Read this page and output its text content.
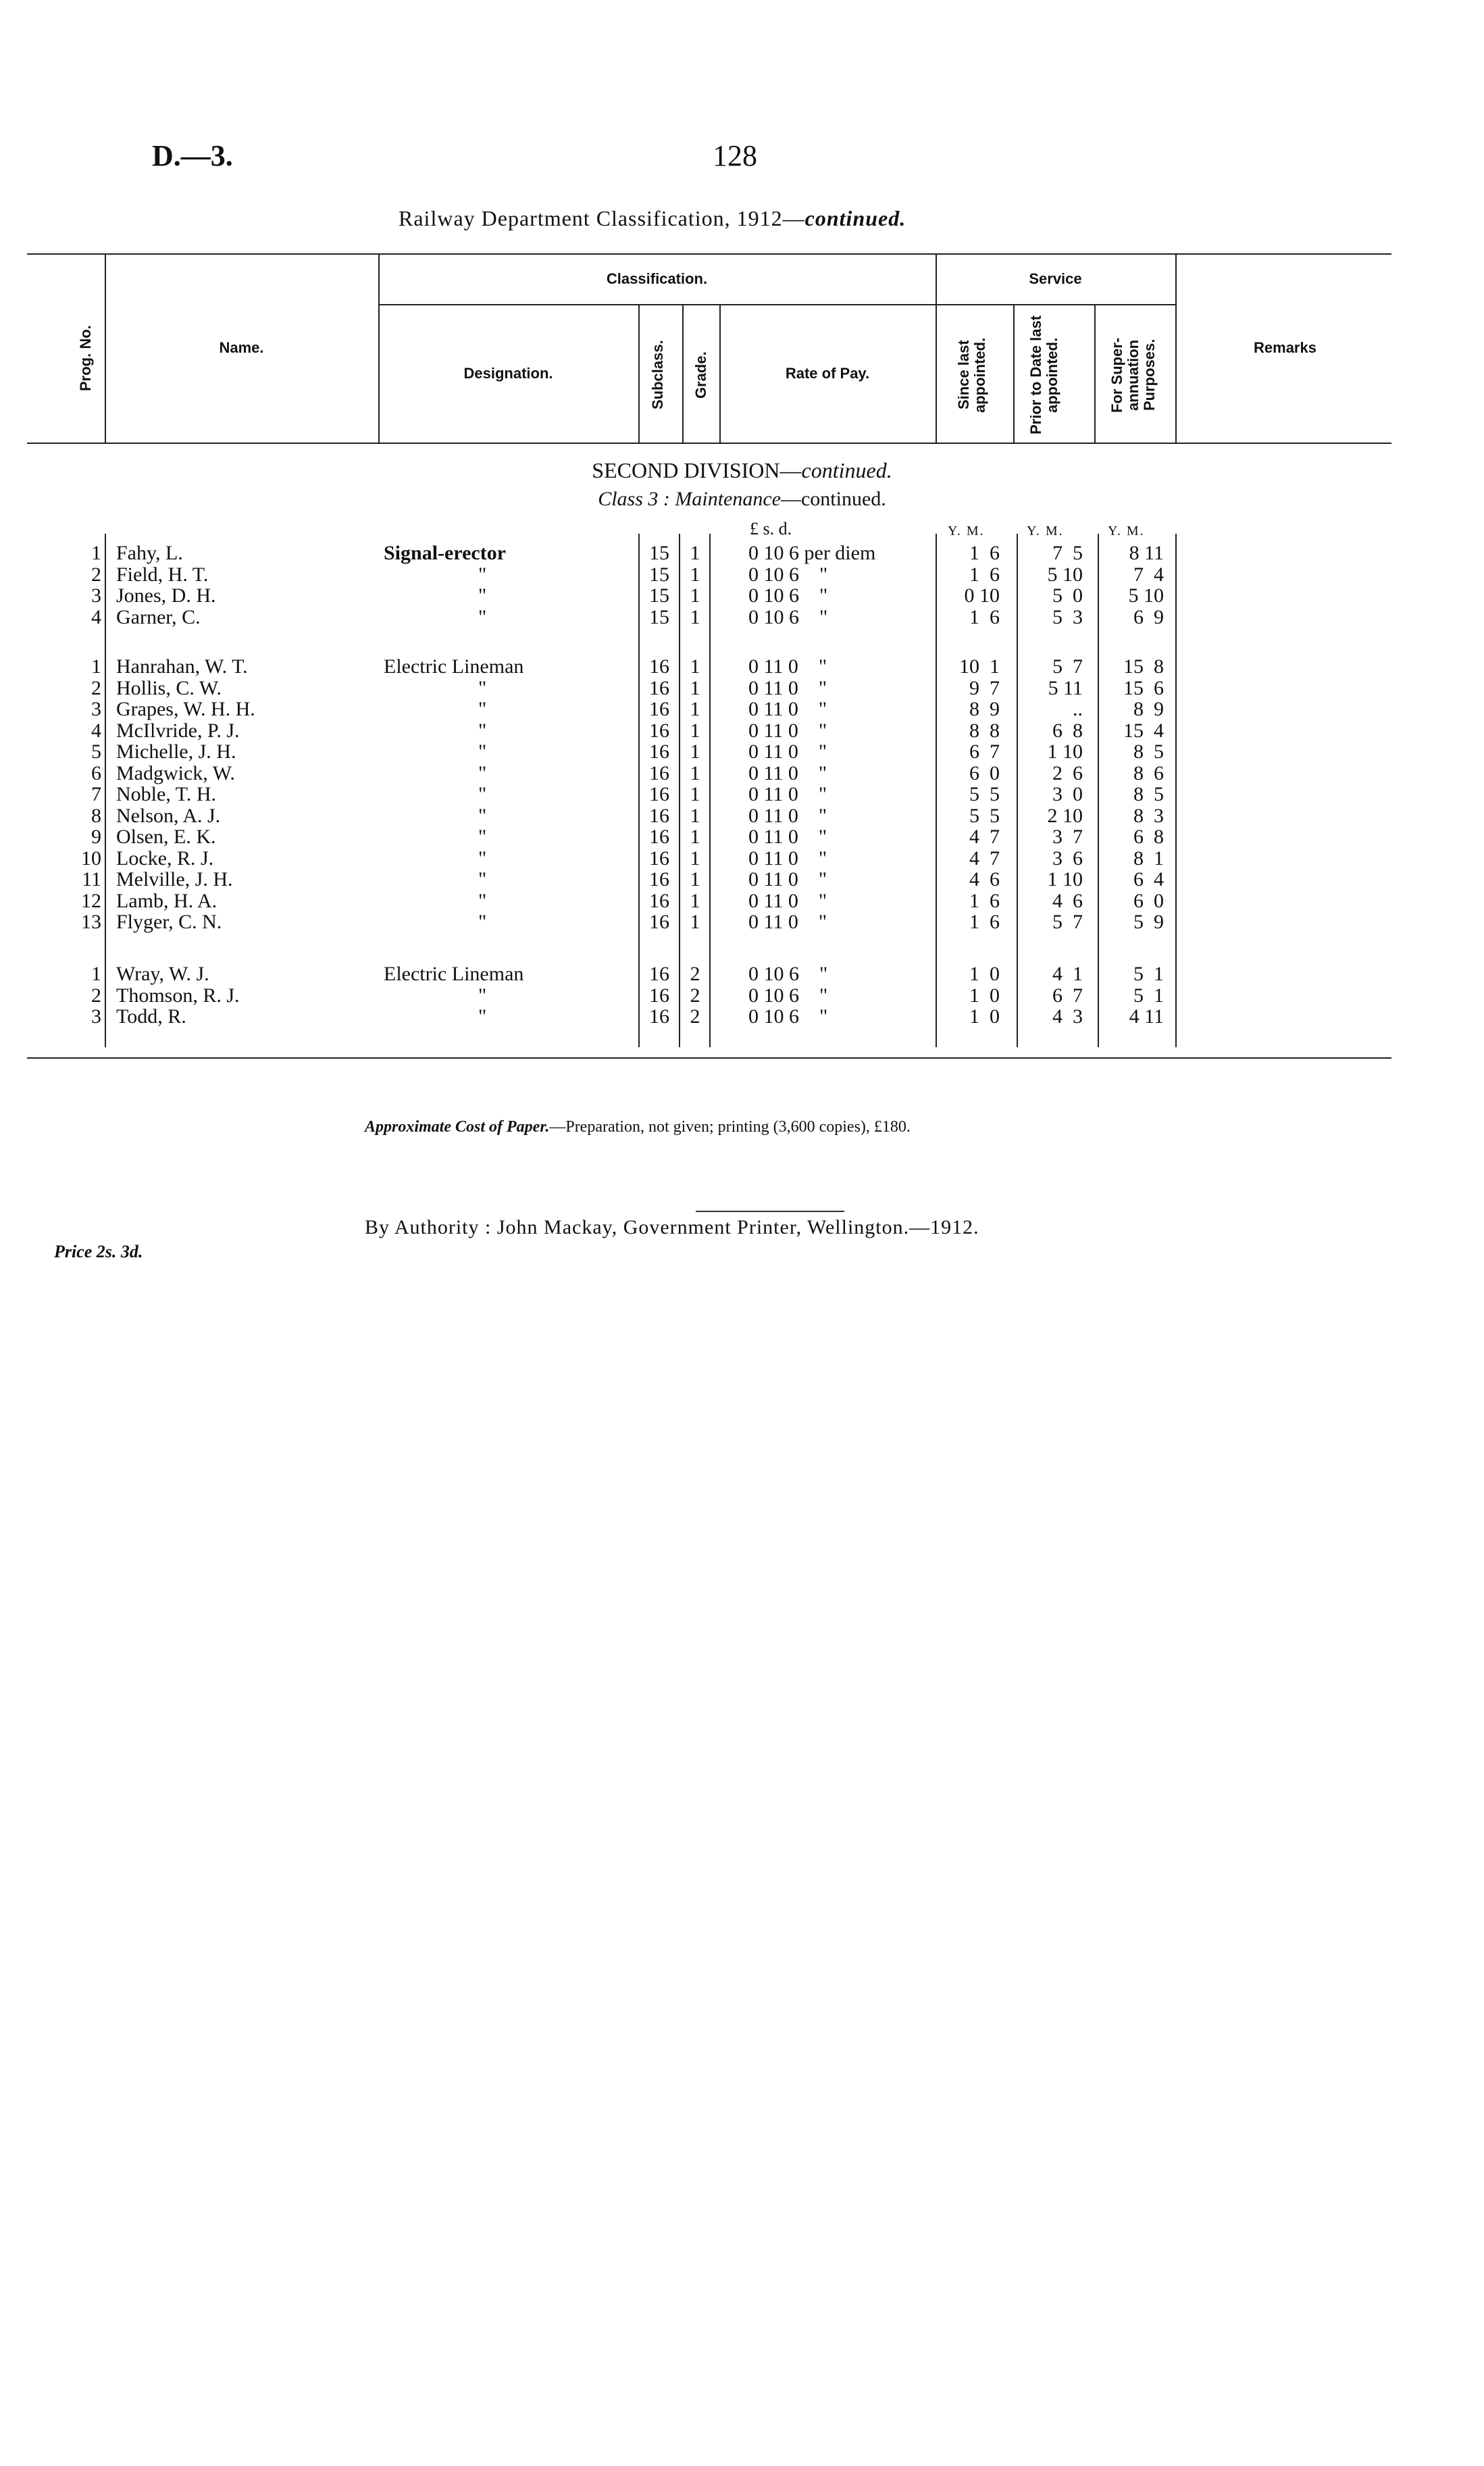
D.—3.	128
Railway Department Classification, 1912—continued.
Prog. No.	Name.
Classification.
Designation.	Subclass. Grade.	Rate of Pay.
Service
Since last appointed.	Prior to Date last appointed.	For Super-annuation Purposes.	Remarks
SECOND DIVISION—continued.
Class 3 : Maintenance—continued.
£ s. d.	Y. M.	Y. M.	Y. M.
1 Fahy, L.	Signal-erector	15	1	0 10 6 per diem	1  6	7  5	8 11
2 Field, H. T.	"	15	1	0 10 6    "	1  6	5 10	7  4
3 Jones, D. H.	"	15	1	0 10 6    "	0 10	5  0	5 10
4 Garner, C.	"	15	1	0 10 6    "	1  6	5  3	6  9
1 Hanrahan, W. T.	Electric Lineman	16	1	0 11 0    "	10  1	5  7	15  8
2 Hollis, C. W.	"	16	1	0 11 0    "	9  7	5 11	15  6
3 Grapes, W. H. H.	"	16	1	0 11 0    "	8  9	..	8  9
4 McIlvride, P. J.	"	16	1	0 11 0    "	8  8	6  8	15  4
5 Michelle, J. H.	"	16	1	0 11 0    "	6  7	1 10	8  5
6 Madgwick, W.	"	16	1	0 11 0    "	6  0	2  6	8  6
7 Noble, T. H.	"	16	1	0 11 0    "	5  5	3  0	8  5
8 Nelson, A. J.	"	16	1	0 11 0    "	5  5	2 10	8  3
9 Olsen, E. K.	"	16	1	0 11 0    "	4  7	3  7	6  8
10 Locke, R. J.	"	16	1	0 11 0    "	4  7	3  6	8  1
11 Melville, J. H.	"	16	1	0 11 0    "	4  6	1 10	6  4
12 Lamb, H. A.	"	16	1	0 11 0    "	1  6	4  6	6  0
13 Flyger, C. N.	"	16	1	0 11 0    "	1  6	5  7	5  9
1 Wray, W. J.	Electric Lineman	16	2	0 10 6    "	1  0	4  1	5  1
2 Thomson, R. J.	"	16	2	0 10 6    "	1  0	6  7	5  1
3 Todd, R.	"	16	2	0 10 6    "	1  0	4  3	4 11
Approximate Cost of Paper.—Preparation, not given; printing (3,600 copies), £180.
By Authority : John Mackay, Government Printer, Wellington.—1912.
Price 2s. 3d.
